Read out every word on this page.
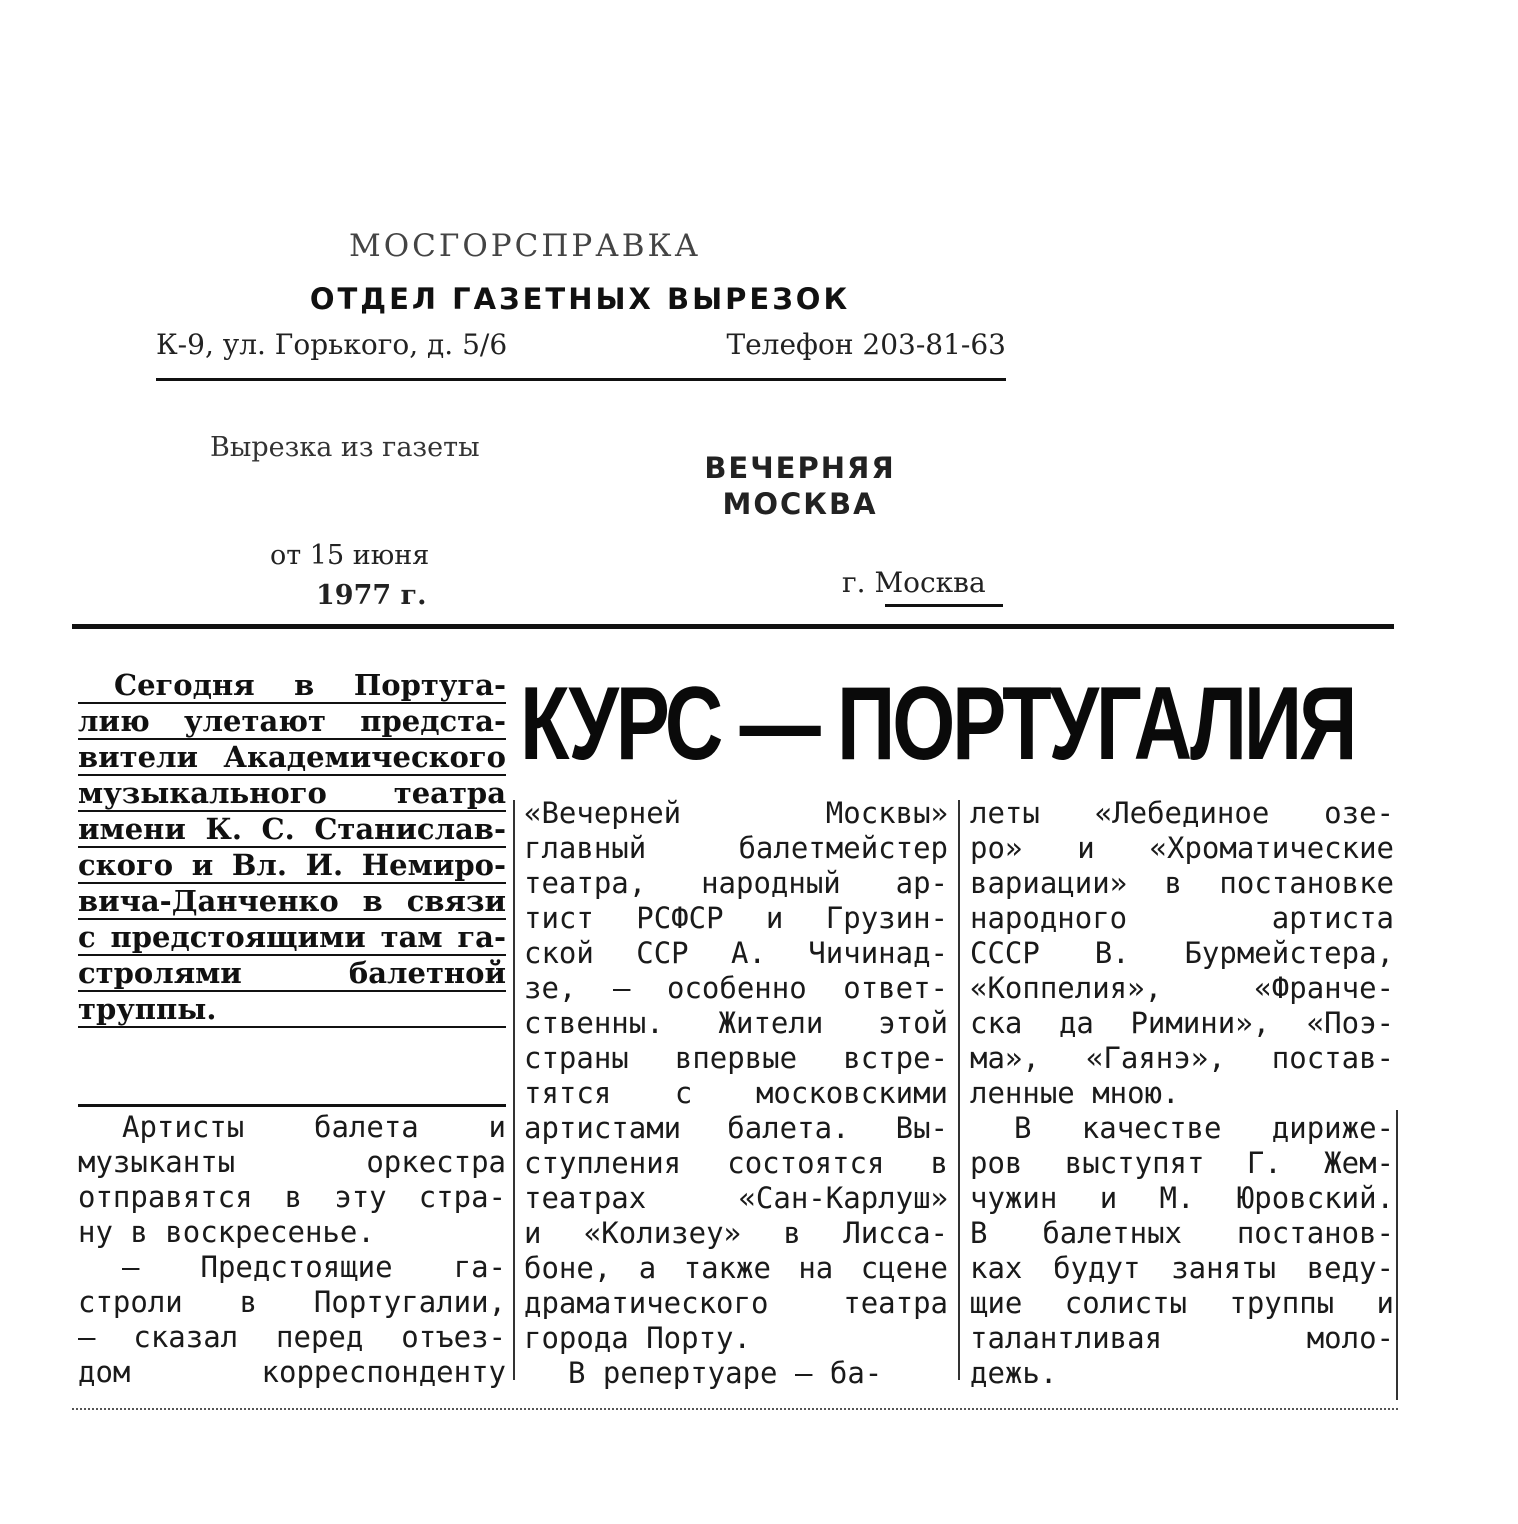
МОСГОРСПРАВКА
ОТДЕЛ ГАЗЕТНЫХ ВЫРЕЗОК
К-9, ул. Горького, д. 5/6	Телефон 203-81-63
Вырезка из газеты
ВЕЧЕРНЯЯ
МОСКВА
от 15 июня
1977 г.	г. Москва
Сегодня в Португа-
лию улетают предста-
вители Академического
музыкального театра
имени К. С. Станислав-
ского и Вл. И. Немиро-
вича-Данченко в связи
с предстоящими там га-
стролями балетной
труппы.
КУРС — ПОРТУГАЛИЯ
Артисты балета и
музыканты оркестра
отправятся в эту стра-
ну в воскресенье.
— Предстоящие га-
строли в Португалии,
— сказал перед отъез-
дом корреспонденту
«Вечерней Москвы»
главный балетмейстер
театра, народный ар-
тист РСФСР и Грузин-
ской ССР А. Чичинад-
зе, — особенно ответ-
ственны. Жители этой
страны впервые встре-
тятся с московскими
артистами балета. Вы-
ступления состоятся в
театрах «Сан-Карлуш»
и «Колизеу» в Лисса-
боне, а также на сцене
драматического театра
города Порту.
В репертуаре — ба-
леты «Лебединое озе-
ро» и «Хроматические
вариации» в постановке
народного артиста
СССР В. Бурмейстера,
«Коппелия», «Франче-
ска да Римини», «Поэ-
ма», «Гаянэ», постав-
ленные мною.
В качестве дириже-
ров выступят Г. Жем-
чужин и М. Юровский.
В балетных постанов-
ках будут заняты веду-
щие солисты труппы и
талантливая моло-
дежь.
